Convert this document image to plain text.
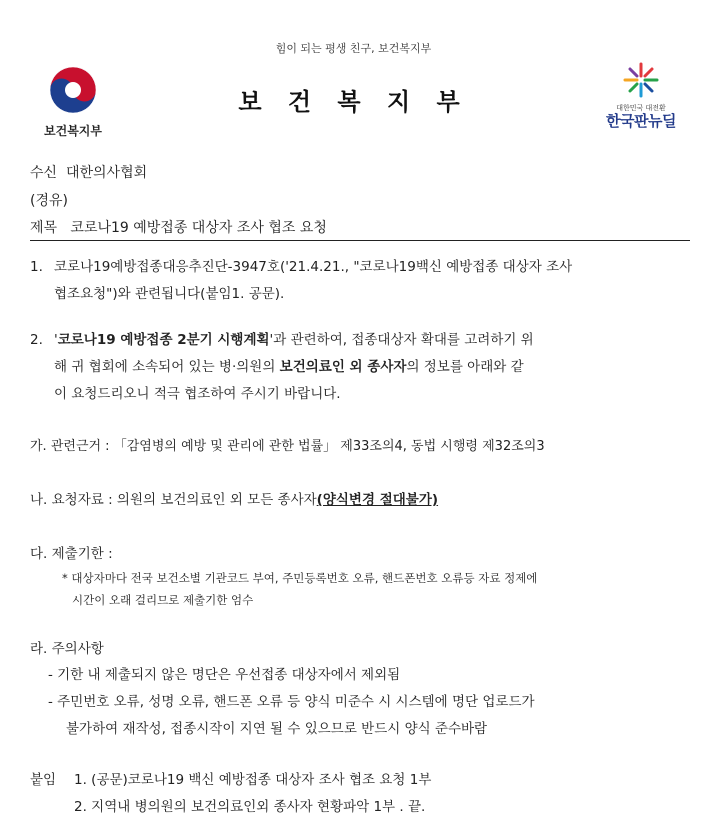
힘이 되는 평생 친구, 보건복지부
보건복지부
보 건 복 지 부	대한민국 대전환
한국판뉴딜
수신 대한의사협회
(경유)
제목 코로나19 예방접종 대상자 조사 협조 요청
1. 코로나19예방접종대응추진단-3947호('21.4.21., "코로나19백신 예방접종 대상자 조사
협조요청")와 관련됩니다(붙임1. 공문).
2. '코로나19 예방접종 2분기 시행계획'과 관련하여, 접종대상자 확대를 고려하기 위
해 귀 협회에 소속되어 있는 병·의원의 보건의료인 외 종사자의 정보를 아래와 같
이 요청드리오니 적극 협조하여 주시기 바랍니다.
가. 관련근거 : 「감염병의 예방 및 관리에 관한 법률」 제33조의4, 동법 시행령 제32조의3
나. 요청자료 : 의원의 보건의료인 외 모든 종사자(양식변경 절대불가)
다. 제출기한 :
* 대상자마다 전국 보건소별 기관코드 부여, 주민등록번호 오류, 핸드폰번호 오류등 자료 정제에
시간이 오래 걸리므로 제출기한 엄수
라. 주의사항
- 기한 내 제출되지 않은 명단은 우선접종 대상자에서 제외됨
- 주민번호 오류, 성명 오류, 핸드폰 오류 등 양식 미준수 시 시스템에 명단 업로드가
불가하여 재작성, 접종시작이 지연 될 수 있으므로 반드시 양식 준수바람
붙임 1. (공문)코로나19 백신 예방접종 대상자 조사 협조 요청 1부
2. 지역내 병의원의 보건의료인외 종사자 현황파악 1부 . 끝.
